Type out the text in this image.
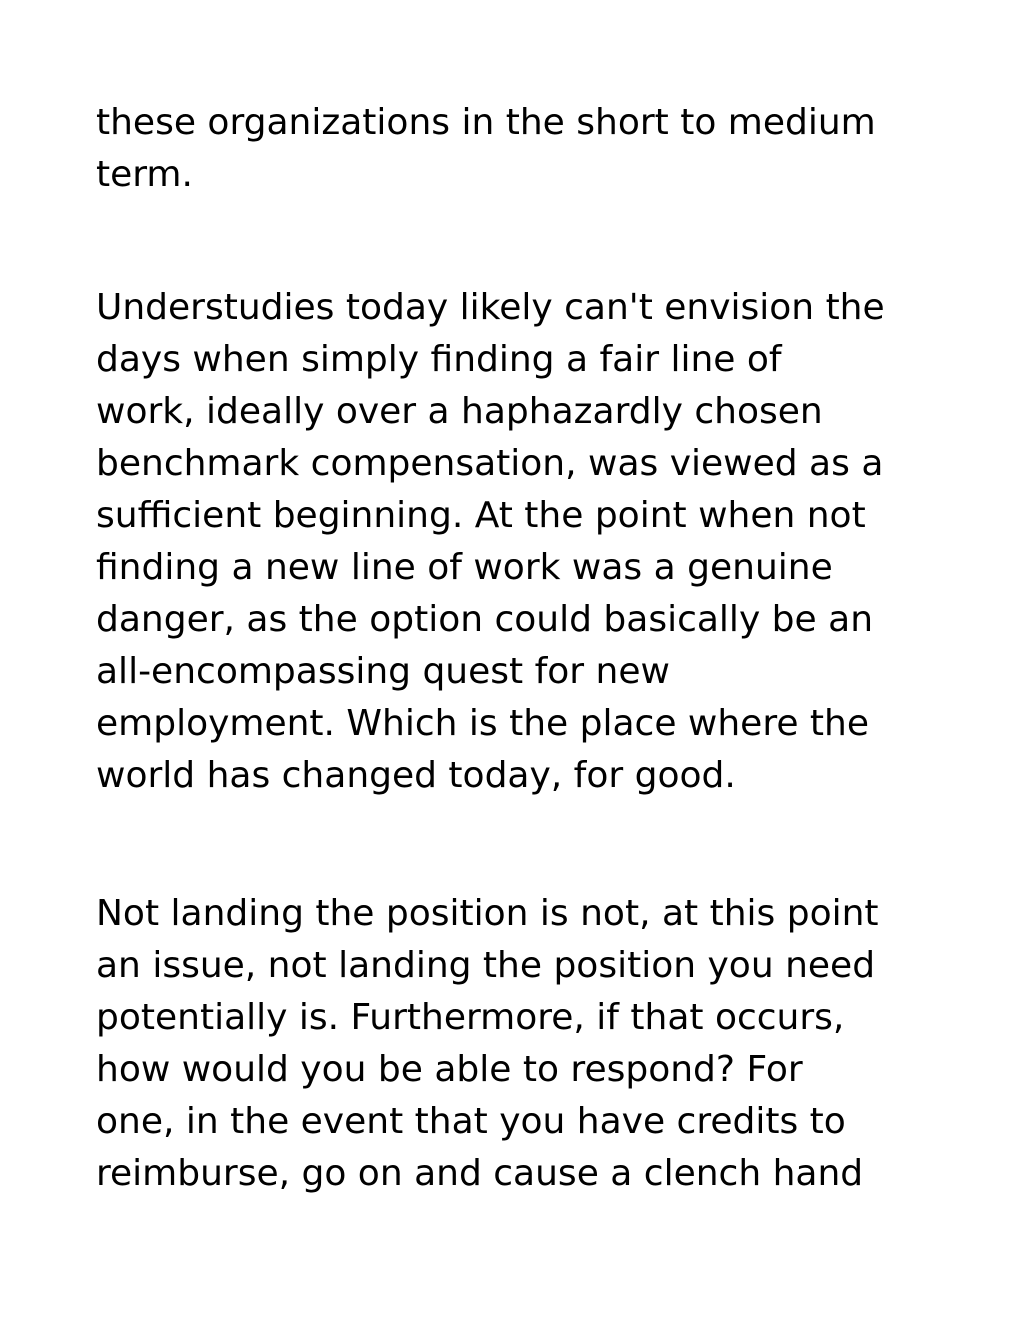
these organizations in the short to medium

term.

Understudies today likely can't envision the

days when simply finding a fair line of

work, ideally over a haphazardly chosen

benchmark compensation, was viewed as a

sufficient beginning. At the point when not

finding a new line of work was a genuine

danger, as the option could basically be an

all-encompassing quest for new

employment. Which is the place where the

world has changed today, for good.

Not landing the position is not, at this point

an issue, not landing the position you need

potentially is. Furthermore, if that occurs,

how would you be able to respond? For

one, in the event that you have credits to

reimburse, go on and cause a clench hand
